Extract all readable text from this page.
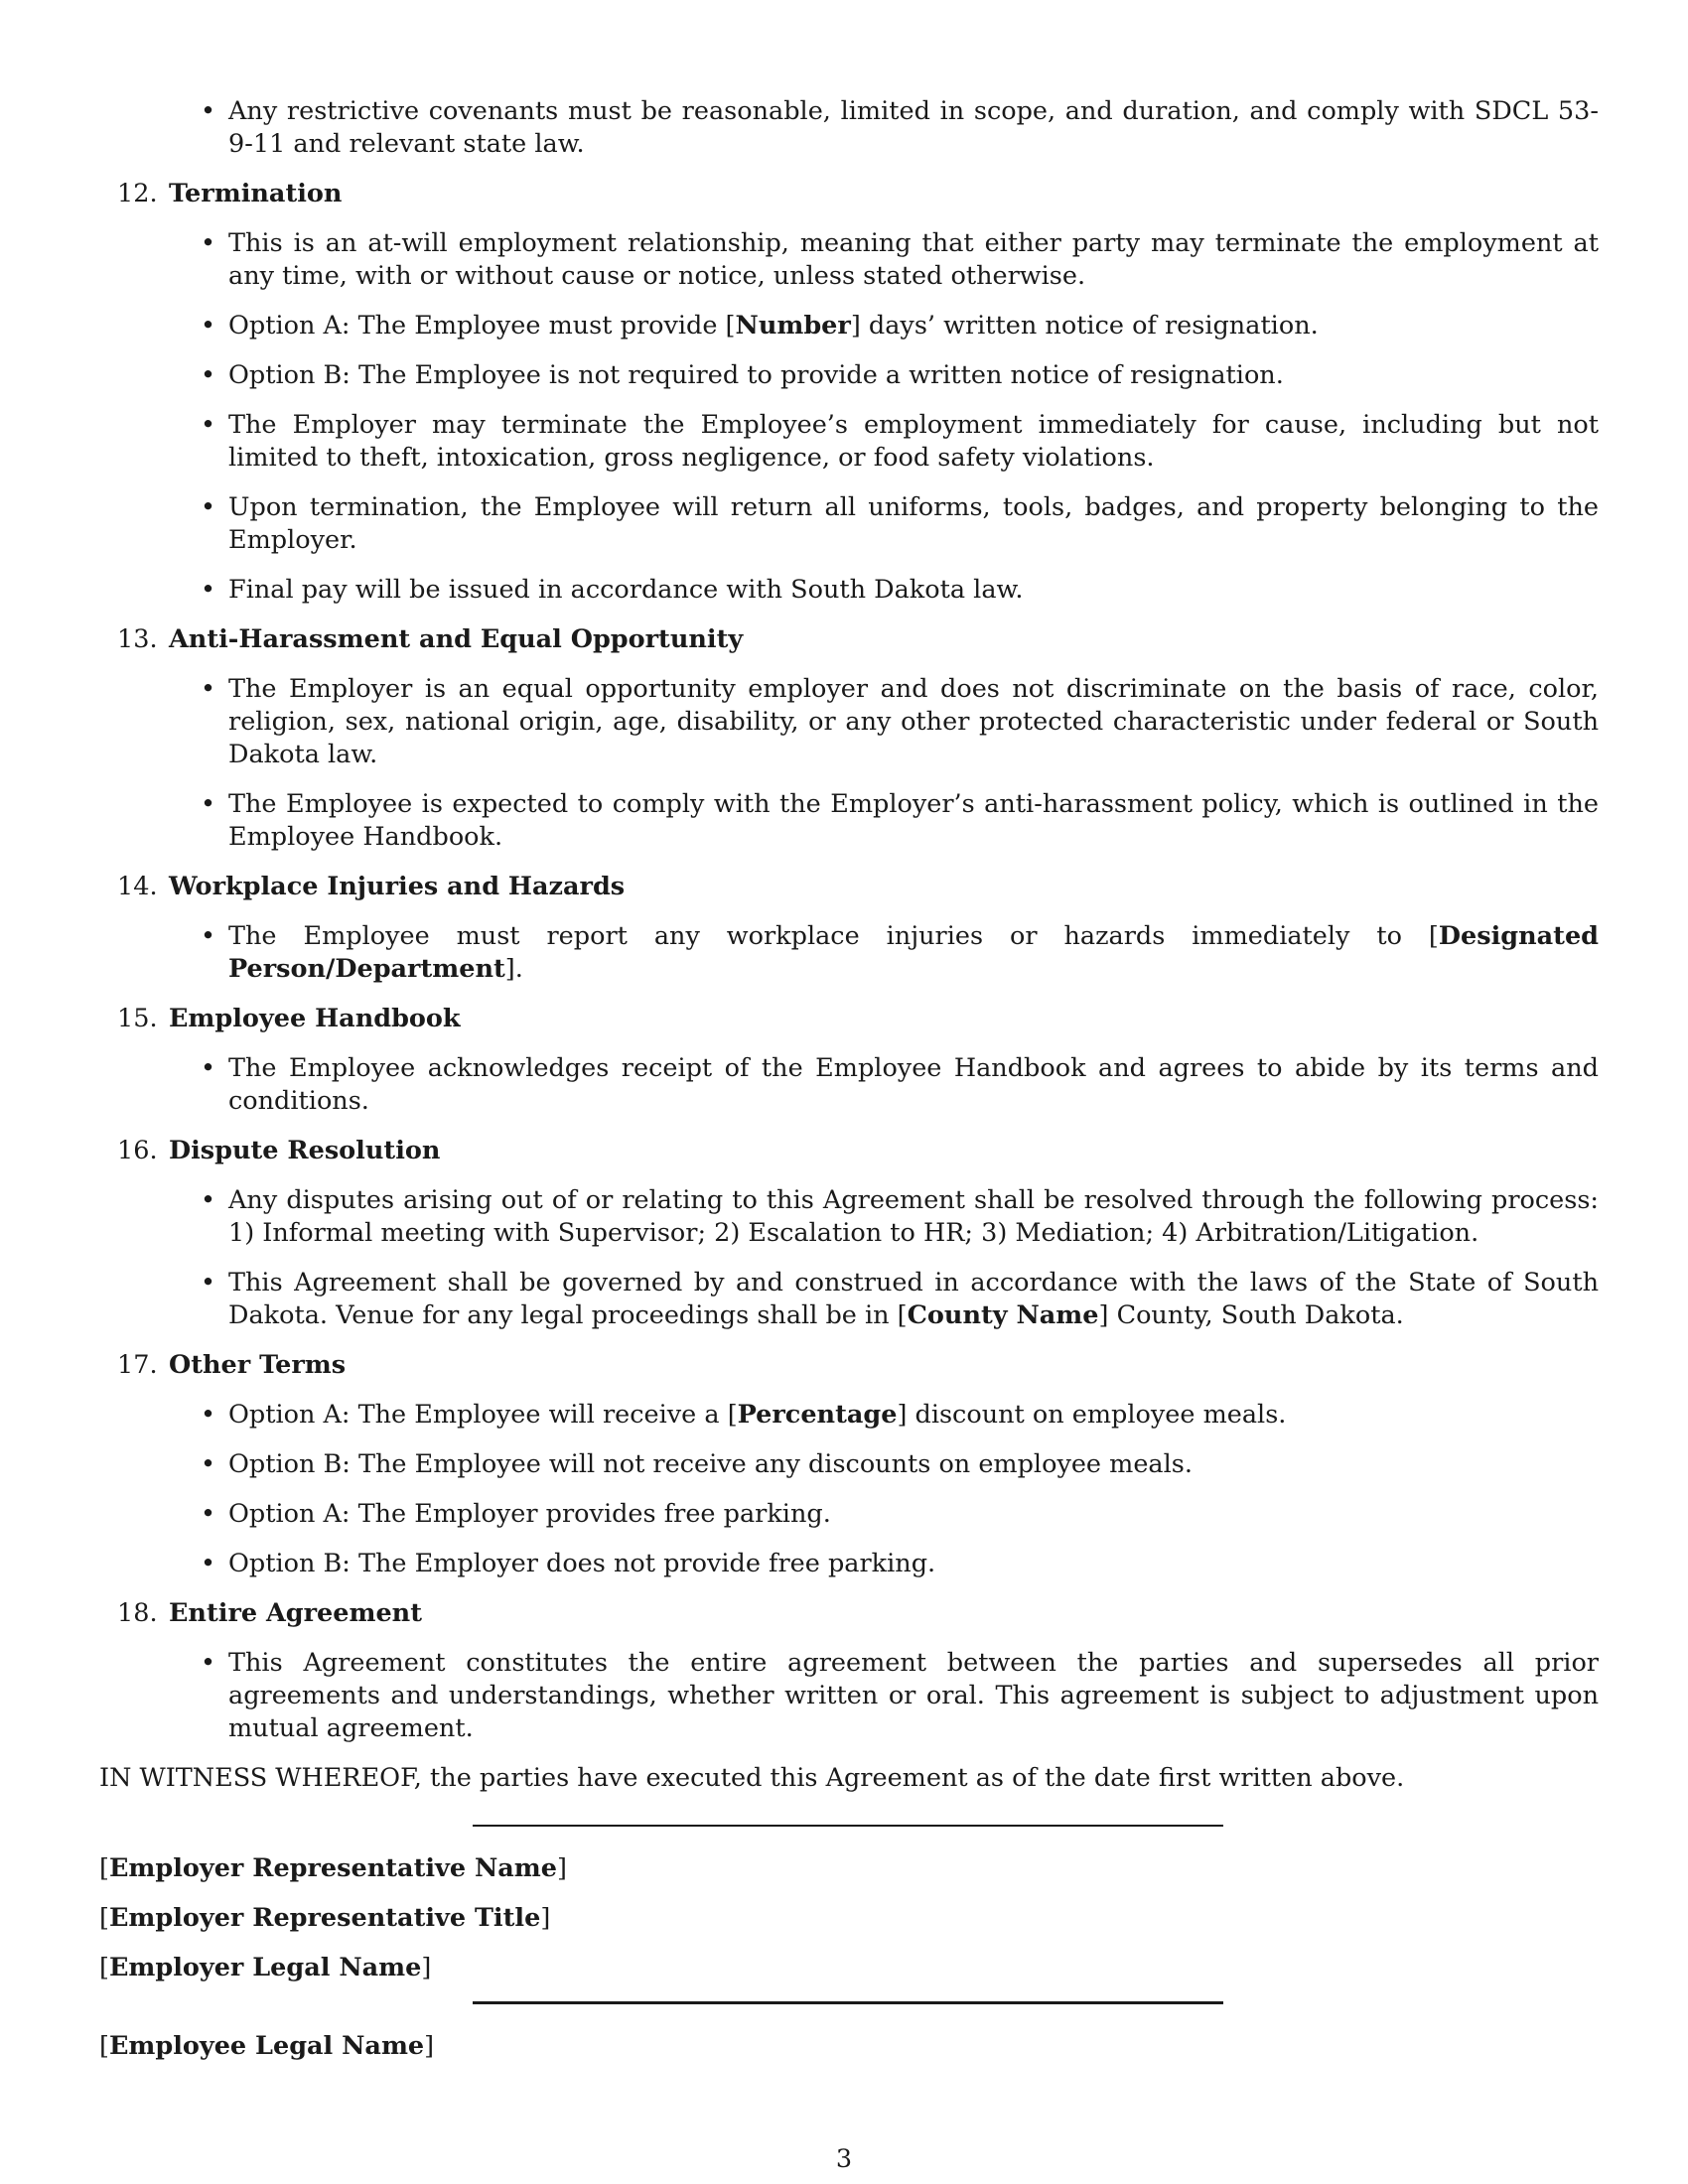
• Any restrictive covenants must be reasonable, limited in scope, and duration, and comply with SDCL 53-9-11 and relevant state law.
12. Termination
• This is an at-will employment relationship, meaning that either party may terminate the employment at any time, with or without cause or notice, unless stated otherwise.
• Option A: The Employee must provide [Number] days’ written notice of resignation.
• Option B: The Employee is not required to provide a written notice of resignation.
• The Employer may terminate the Employee’s employment immediately for cause, including but not limited to theft, intoxication, gross negligence, or food safety violations.
• Upon termination, the Employee will return all uniforms, tools, badges, and property belonging to the Employer.
• Final pay will be issued in accordance with South Dakota law.
13. Anti-Harassment and Equal Opportunity
• The Employer is an equal opportunity employer and does not discriminate on the basis of race, color, religion, sex, national origin, age, disability, or any other protected characteristic under federal or South Dakota law.
• The Employee is expected to comply with the Employer’s anti-harassment policy, which is outlined in the Employee Handbook.
14. Workplace Injuries and Hazards
• The Employee must report any workplace injuries or hazards immediately to [Designated Person/Department].
15. Employee Handbook
• The Employee acknowledges receipt of the Employee Handbook and agrees to abide by its terms and conditions.
16. Dispute Resolution
• Any disputes arising out of or relating to this Agreement shall be resolved through the following process: 1) Informal meeting with Supervisor; 2) Escalation to HR; 3) Mediation; 4) Arbitration/Litigation.
• This Agreement shall be governed by and construed in accordance with the laws of the State of South Dakota. Venue for any legal proceedings shall be in [County Name] County, South Dakota.
17. Other Terms
• Option A: The Employee will receive a [Percentage] discount on employee meals.
• Option B: The Employee will not receive any discounts on employee meals.
• Option A: The Employer provides free parking.
• Option B: The Employer does not provide free parking.
18. Entire Agreement
• This Agreement constitutes the entire agreement between the parties and supersedes all prior agreements and understandings, whether written or oral. This agreement is subject to adjustment upon mutual agreement.

IN WITNESS WHEREOF, the parties have executed this Agreement as of the date first written above.

[Employer Representative Name]
[Employer Representative Title]
[Employer Legal Name]
[Employee Legal Name]
3
